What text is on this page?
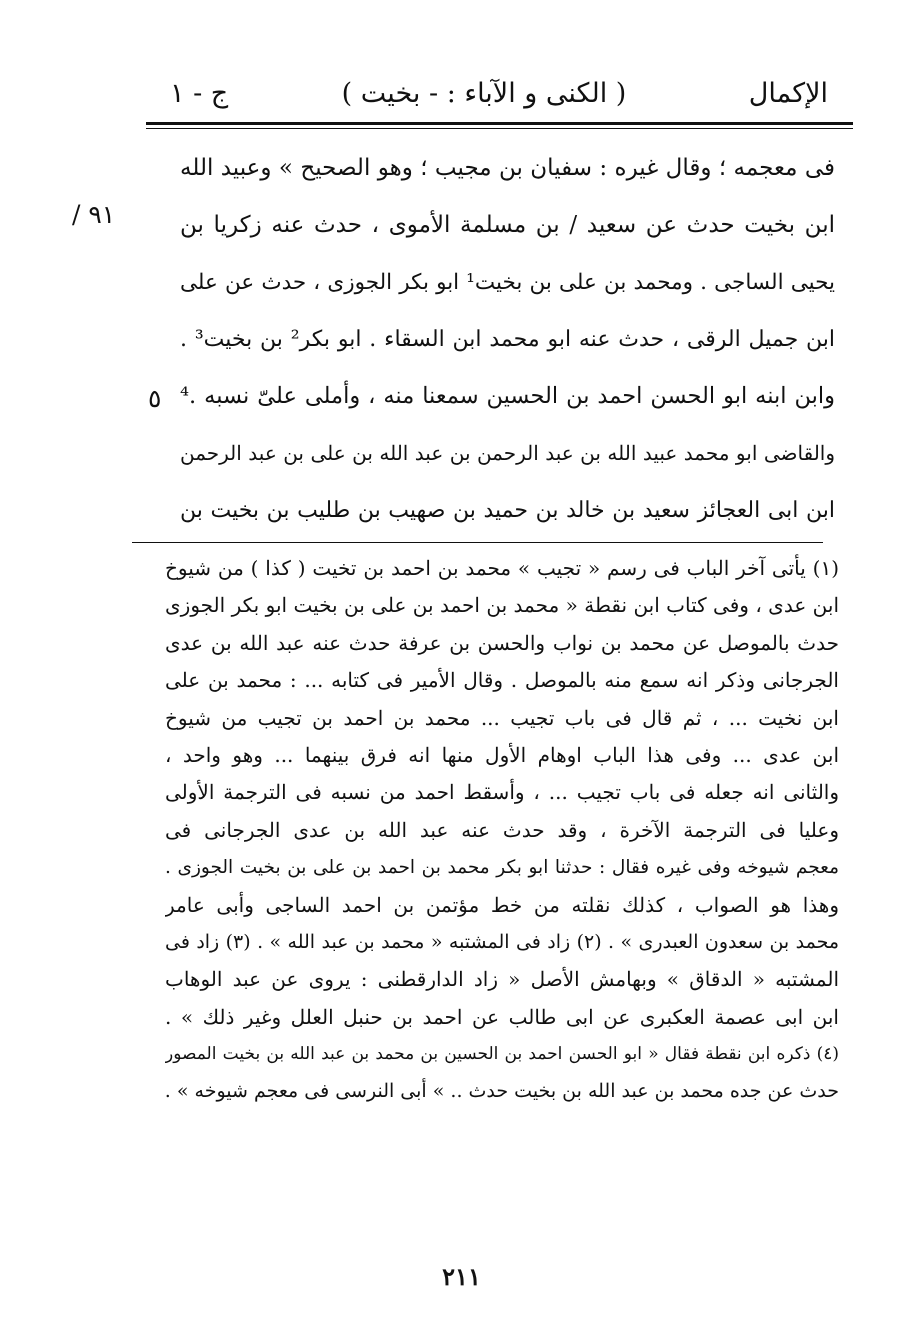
الإكمال
( الكنى و الآباء : - بخيت )
ج - ١
/ ٩١
٥
فى معجمه ؛ وقال غيره : سفيان بن مجيب ؛ وهو الصحيح » وعبيد الله
ابن بخيت حدث عن سعيد / بن مسلمة الأموى ، حدث عنه زكريا بن
يحيى الساجى . ومحمد بن على بن بخيت¹ ابو بكر الجوزى ، حدث عن على
ابن جميل الرقى ، حدث عنه ابو محمد ابن السقاء . ابو بكر² بن بخيت³ .
وابن ابنه ابو الحسن احمد بن الحسين سمعنا منه ، وأملى علىّ نسبه .⁴
والقاضى ابو محمد عبيد الله بن عبد الرحمن بن عبد الله بن على بن عبد الرحمن
ابن ابى العجائز سعيد بن خالد بن حميد بن صهيب بن طليب بن بخيت بن
(١) يأتى آخر الباب فى رسم « تجيب » محمد بن احمد بن تخيت ( كذا ) من شيوخ
ابن عدى ، وفى كتاب ابن نقطة « محمد بن احمد بن على بن بخيت ابو بكر الجوزى
حدث بالموصل عن محمد بن نواب والحسن بن عرفة حدث عنه عبد الله بن عدى
الجرجانى وذكر انه سمع منه بالموصل . وقال الأمير فى كتابه ... : محمد بن على
ابن نخيت ... ، ثم قال فى باب تجيب ... محمد بن احمد بن تجيب من شيوخ
ابن عدى ... وفى هذا الباب اوهام الأول منها انه فرق بينهما ... وهو واحد ،
والثانى انه جعله فى باب تجيب ... ، وأسقط احمد من نسبه فى الترجمة الأولى
وعليا فى الترجمة الآخرة ، وقد حدث عنه عبد الله بن عدى الجرجانى فى
معجم شيوخه وفى غيره فقال : حدثنا ابو بكر محمد بن احمد بن على بن بخيت الجوزى .
وهذا هو الصواب ، كذلك نقلته من خط مؤتمن بن احمد الساجى وأبى عامر
محمد بن سعدون العبدرى » . (٢) زاد فى المشتبه « محمد بن عبد الله » . (٣) زاد فى
المشتبه « الدقاق » وبهامش الأصل « زاد الدارقطنى : يروى عن عبد الوهاب
ابن ابى عصمة العكبرى عن ابى طالب عن احمد بن حنبل العلل وغير ذلك » .
(٤) ذكره ابن نقطة فقال « ابو الحسن احمد بن الحسين بن محمد بن عبد الله بن بخيت المصور
حدث عن جده محمد بن عبد الله بن بخيت حدث .. » أبى النرسى فى معجم شيوخه » .
٢١١
